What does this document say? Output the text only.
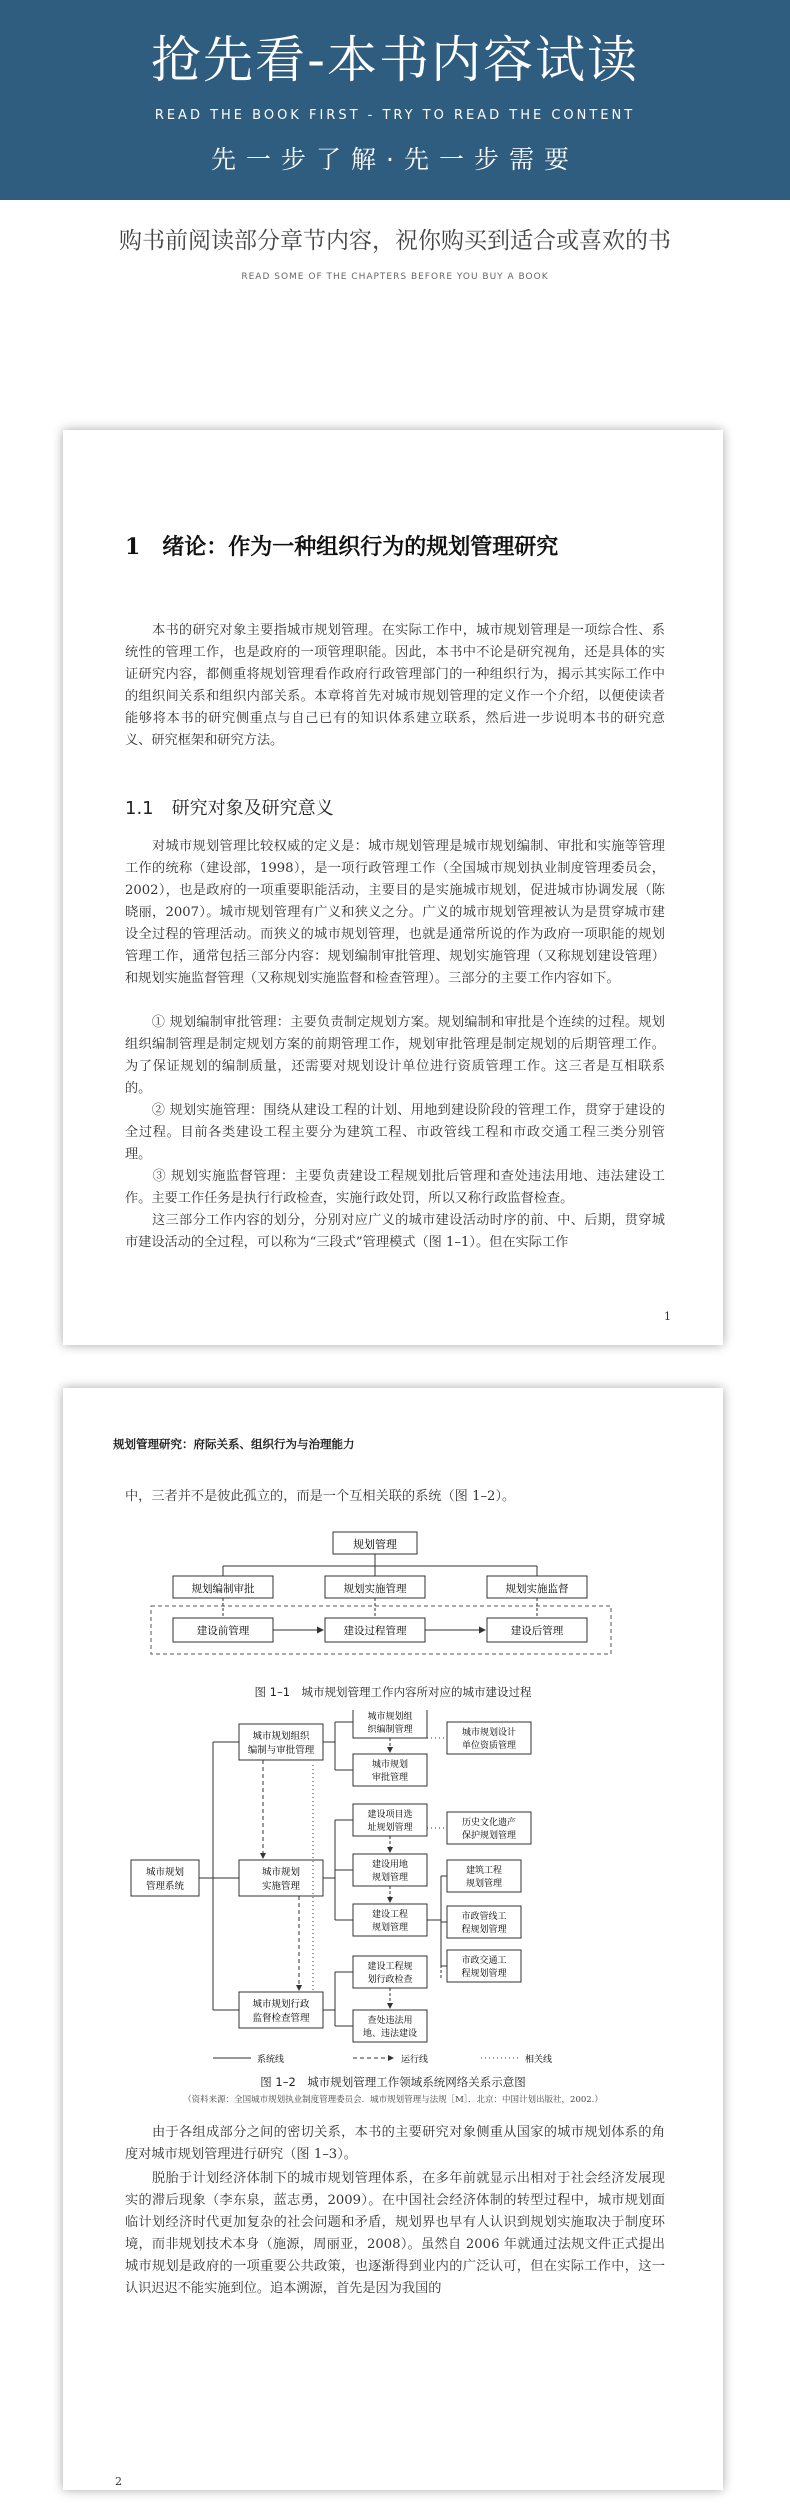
抢先看-本书内容试读
READ THE BOOK FIRST - TRY TO READ THE CONTENT
先一步了解·先一步需要
购书前阅读部分章节内容，祝你购买到适合或喜欢的书
READ SOME OF THE CHAPTERS BEFORE YOU BUY A BOOK
1　绪论：作为一种组织行为的规划管理研究

　　本书的研究对象主要指城市规划管理。在实际工作中，城市规划管理是一项综合性、系统性的管理工作，也是政府的一项管理职能。因此，本书中不论是研究视角，还是具体的实证研究内容，都侧重将规划管理看作政府行政管理部门的一种组织行为，揭示其实际工作中的组织间关系和组织内部关系。本章将首先对城市规划管理的定义作一个介绍，以便使读者能够将本书的研究侧重点与自己已有的知识体系建立联系，然后进一步说明本书的研究意义、研究框架和研究方法。

1.1　研究对象及研究意义

　　对城市规划管理比较权威的定义是：城市规划管理是城市规划编制、审批和实施等管理工作的统称（建设部，1998），是一项行政管理工作（全国城市规划执业制度管理委员会，2002），也是政府的一项重要职能活动，主要目的是实施城市规划，促进城市协调发展（陈晓丽，2007）。城市规划管理有广义和狭义之分。广义的城市规划管理被认为是贯穿城市建设全过程的管理活动。而狭义的城市规划管理，也就是通常所说的作为政府一项职能的规划管理工作，通常包括三部分内容：规划编制审批管理、规划实施管理（又称规划建设管理）和规划实施监督管理（又称规划实施监督和检查管理）。三部分的主要工作内容如下。

　　① 规划编制审批管理：主要负责制定规划方案。规划编制和审批是个连续的过程。规划组织编制管理是制定规划方案的前期管理工作，规划审批管理是制定规划的后期管理工作。为了保证规划的编制质量，还需要对规划设计单位进行资质管理工作。这三者是互相联系的。

　　② 规划实施管理：围绕从建设工程的计划、用地到建设阶段的管理工作，贯穿于建设的全过程。目前各类建设工程主要分为建筑工程、市政管线工程和市政交通工程三类分别管理。

　　③ 规划实施监督管理：主要负责建设工程规划批后管理和查处违法用地、违法建设工作。主要工作任务是执行行政检查，实施行政处罚，所以又称行政监督检查。

　　这三部分工作内容的划分，分别对应广义的城市建设活动时序的前、中、后期，贯穿城市建设活动的全过程，可以称为“三段式”管理模式（图 1–1）。但在实际工作

1
规划管理研究：府际关系、组织行为与治理能力

中，三者并不是彼此孤立的，而是一个互相关联的系统（图 1–2）。

规划管理
规划编制审批	规划实施管理	规划实施监督
建设前管理	建设过程管理	建设后管理
图 1–1　城市规划管理工作内容所对应的城市建设过程
城市规划
管理系统
城市规划组织
编制与审批管理
城市规划
实施管理
城市规划行政
监督检查管理
城市规划组
织编制管理
城市规划
审批管理
建设项目选
址规划管理
建设用地
规划管理
建设工程
规划管理
建设工程规
划行政检查
查处违法用
地、违法建设
城市规划设计
单位资质管理
历史文化遗产
保护规划管理
建筑工程
规划管理
市政管线工
程规划管理
市政交通工
程规划管理
系统线	运行线	相关线
图 1–2　城市规划管理工作领域系统网络关系示意图
（资料来源：全国城市规划执业制度管理委员会．城市规划管理与法规［M］．北京：中国计划出版社，2002.）

　　由于各组成部分之间的密切关系，本书的主要研究对象侧重从国家的城市规划体系的角度对城市规划管理进行研究（图 1–3）。

　　脱胎于计划经济体制下的城市规划管理体系，在多年前就显示出相对于社会经济发展现实的滞后现象（李东泉，蓝志勇，2009）。在中国社会经济体制的转型过程中，城市规划面临计划经济时代更加复杂的社会问题和矛盾，规划界也早有人认识到规划实施取决于制度环境，而非规划技术本身（施源，周丽亚，2008）。虽然自 2006 年就通过法规文件正式提出城市规划是政府的一项重要公共政策，也逐渐得到业内的广泛认可，但在实际工作中，这一认识迟迟不能实施到位。追本溯源，首先是因为我国的

2
